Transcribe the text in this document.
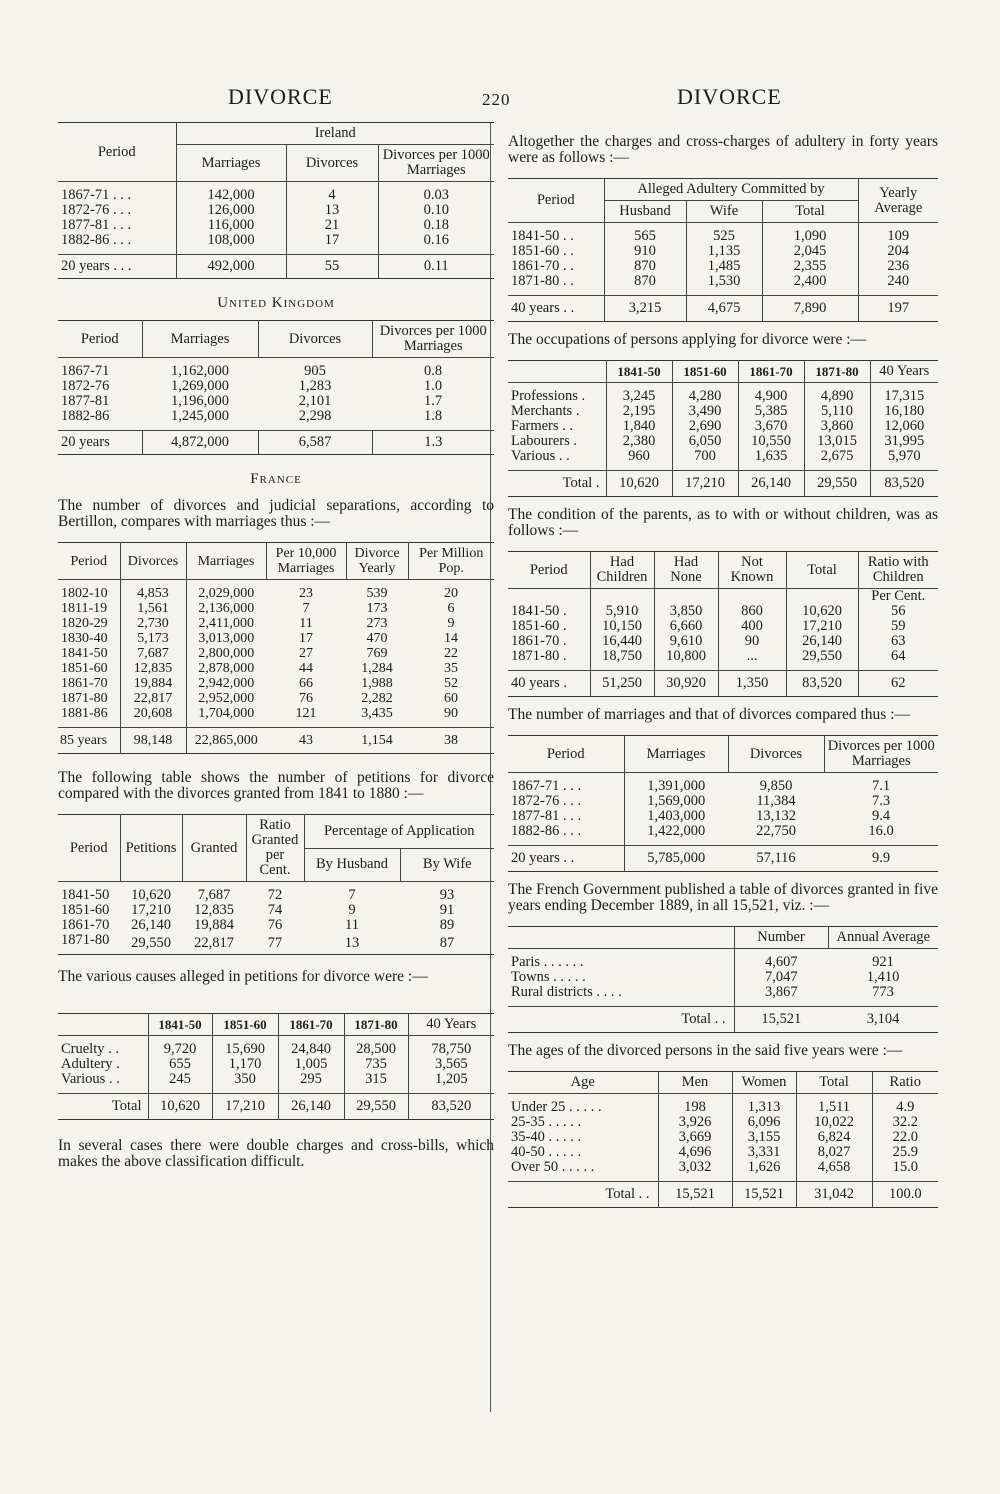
DIVORCE	220	DIVORCE
Period	Ireland		
	Marriages	Divorces	Divorces per 1000 Marriages

1867-71 . . .	142,000	4	0.03
1872-76 . . .	126,000	13	0.10
1877-81 . . .	116,000	21	0.18
1882-86 . . .	108,000	17	0.16

20 years . . .	492,000	55	0.11
United Kingdom
Period	Marriages	Divorces	Divorces per 1000 Marriages

1867-71	1,162,000	905	0.8
1872-76	1,269,000	1,283	1.0
1877-81	1,196,000	2,101	1.7
1882-86	1,245,000	2,298	1.8

20 years	4,872,000	6,587	1.3
France

The number of divorces and judicial separations, according to Bertillon, compares with marriages thus :—

Period	Divorces	Marriages	Per 10,000 Marriages	Divorce Yearly	Per Million Pop.

1802-10	4,853	2,029,000	23	539	20
1811-19	1,561	2,136,000	7	173	6
1820-29	2,730	2,411,000	11	273	9
1830-40	5,173	3,013,000	17	470	14
1841-50	7,687	2,800,000	27	769	22
1851-60	12,835	2,878,000	44	1,284	35
1861-70	19,884	2,942,000	66	1,988	52
1871-80	22,817	2,952,000	76	2,282	60
1881-86	20,608	1,704,000	121	3,435	90

85 years	98,148	22,865,000	43	1,154	38

The following table shows the number of petitions for divorce compared with the divorces granted from 1841 to 1880 :—

Period	Petitions	Granted	Ratio Granted per Cent.	Percentage of Application	
				By Husband	By Wife

1841-50	10,620	7,687	72	7	93
1851-60	17,210	12,835	74	9	91
1861-70	26,140	19,884	76	11	89
1871-80	29,550	22,817	77	13	87

The various causes alleged in petitions for divorce were :—

	1841-50	1851-60	1861-70	1871-80	40 Years

Cruelty . .	9,720	15,690	24,840	28,500	78,750
Adultery .	655	1,170	1,005	735	3,565
Various . .	245	350	295	315	1,205

Total	10,620	17,210	26,140	29,550	83,520

In several cases there were double charges and cross-bills, which makes the above classification difficult.

Altogether the charges and cross-charges of adultery in forty years were as follows :—

Period	Alleged Adultery Committed by			Yearly Average
	Husband	Wife	Total	

1841-50 . .	565	525	1,090	109
1851-60 . .	910	1,135	2,045	204
1861-70 . .	870	1,485	2,355	236
1871-80 . .	870	1,530	2,400	240

40 years . .	3,215	4,675	7,890	197

The occupations of persons applying for divorce were :—

	1841-50	1851-60	1861-70	1871-80	40 Years

Professions .	3,245	4,280	4,900	4,890	17,315
Merchants .	2,195	3,490	5,385	5,110	16,180
Farmers . .	1,840	2,690	3,670	3,860	12,060
Labourers .	2,380	6,050	10,550	13,015	31,995
Various . .	960	700	1,635	2,675	5,970

Total .	10,620	17,210	26,140	29,550	83,520

The condition of the parents, as to with or without children, was as follows :—

Period	Had Children	Had None	Not Known	Total	Ratio with Children
					Per Cent.
1841-50 .	5,910	3,850	860	10,620	56
1851-60 .	10,150	6,660	400	17,210	59
1861-70 .	16,440	9,610	90	26,140	63
1871-80 .	18,750	10,800	...	29,550	64

40 years .	51,250	30,920	1,350	83,520	62

The number of marriages and that of divorces compared thus :—

Period	Marriages	Divorces	Divorces per 1000 Marriages

1867-71 . . .	1,391,000	9,850	7.1
1872-76 . . .	1,569,000	11,384	7.3
1877-81 . . .	1,403,000	13,132	9.4
1882-86 . . .	1,422,000	22,750	16.0

20 years . .	5,785,000	57,116	9.9

The French Government published a table of divorces granted in five years ending December 1889, in all 15,521, viz. :—

	Number	Annual Average

Paris . . . . . .	4,607	921
Towns . . . . .	7,047	1,410
Rural districts . . . .	3,867	773

Total . .	15,521	3,104

The ages of the divorced persons in the said five years were :—

Age	Men	Women	Total	Ratio

Under 25 . . . . .	198	1,313	1,511	4.9
25-35 . . . . .	3,926	6,096	10,022	32.2
35-40 . . . . .	3,669	3,155	6,824	22.0
40-50 . . . . .	4,696	3,331	8,027	25.9
Over 50 . . . . .	3,032	1,626	4,658	15.0

Total . .	15,521	15,521	31,042	100.0
